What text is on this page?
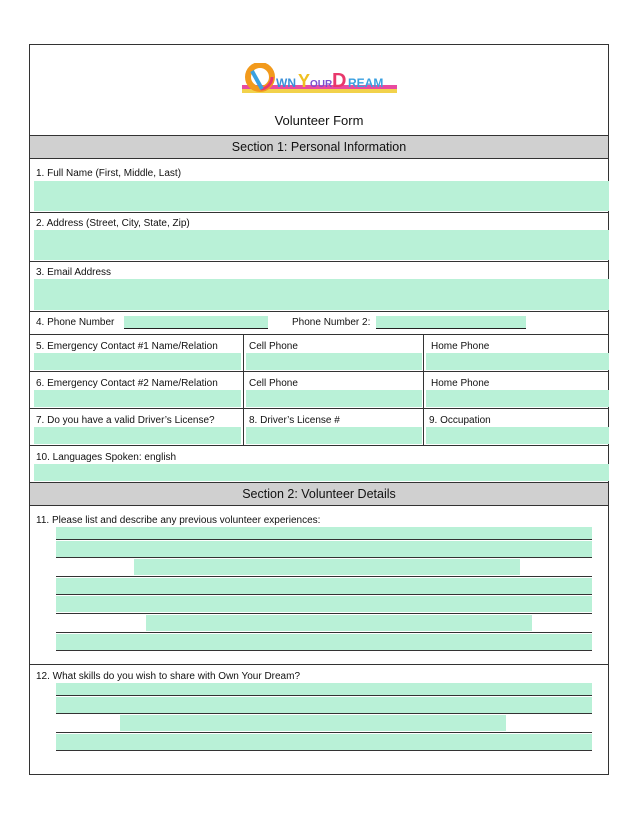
WN Y OUR D REAM
Volunteer Form
Section 1: Personal Information
1. Full Name (First, Middle, Last)
2. Address (Street, City, State, Zip)
3. Email Address
4. Phone Number	Phone Number 2:
5. Emergency Contact #1 Name/Relation	Cell Phone	Home Phone
6. Emergency Contact #2 Name/Relation	Cell Phone	Home Phone
7. Do you have a valid Driver’s License?	8. Driver’s License #	9. Occupation
10. Languages Spoken: english
Section 2: Volunteer Details
11. Please list and describe any previous volunteer experiences:
12. What skills do you wish to share with Own Your Dream?
